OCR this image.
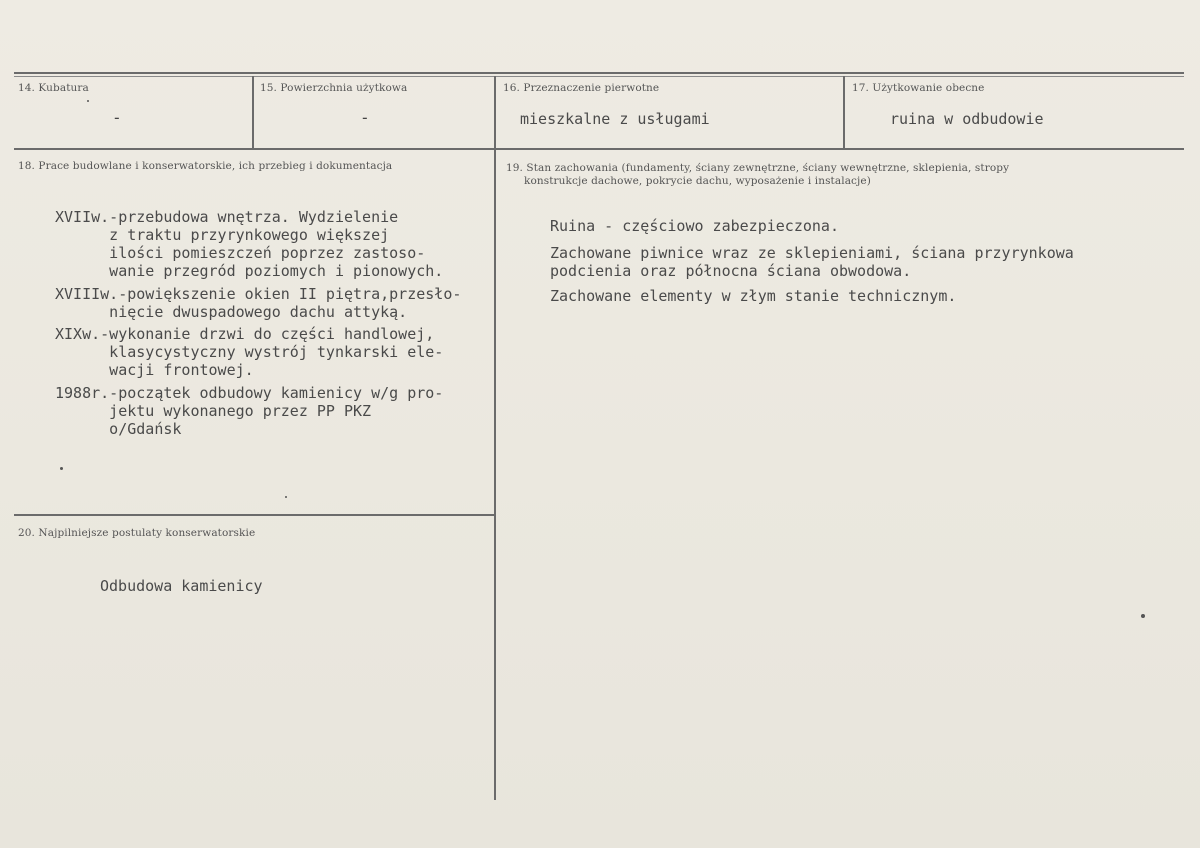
14. Kubatura
-
15. Powierzchnia użytkowa
-
16. Przeznaczenie pierwotne
mieszkalne z usługami
17. Użytkowanie obecne
ruina w odbudowie
18. Prace budowlane i konserwatorskie, ich przebieg i dokumentacja
XVIIw.-przebudowa wnętrza. Wydzielenie
z traktu przyrynkowego większej
ilości pomieszczeń poprzez zastoso-
wanie przegród poziomych i pionowych.
XVIIIw.-powiększenie okien II piętra,przesło-
nięcie dwuspadowego dachu attyką.
XIXw.-wykonanie drzwi do części handlowej,
klasycystyczny wystrój tynkarski ele-
wacji frontowej.
1988r.-początek odbudowy kamienicy w/g pro-
jektu wykonanego przez PP PKZ
o/Gdańsk
19. Stan zachowania (fundamenty, ściany zewnętrzne, ściany wewnętrzne, sklepienia, stropy
konstrukcje dachowe, pokrycie dachu, wyposażenie i instalacje)
Ruina - częściowo zabezpieczona.
Zachowane piwnice wraz ze sklepieniami, ściana przyrynkowa
podcienia oraz północna ściana obwodowa.
Zachowane elementy w złym stanie technicznym.
20. Najpilniejsze postulaty konserwatorskie
Odbudowa kamienicy
